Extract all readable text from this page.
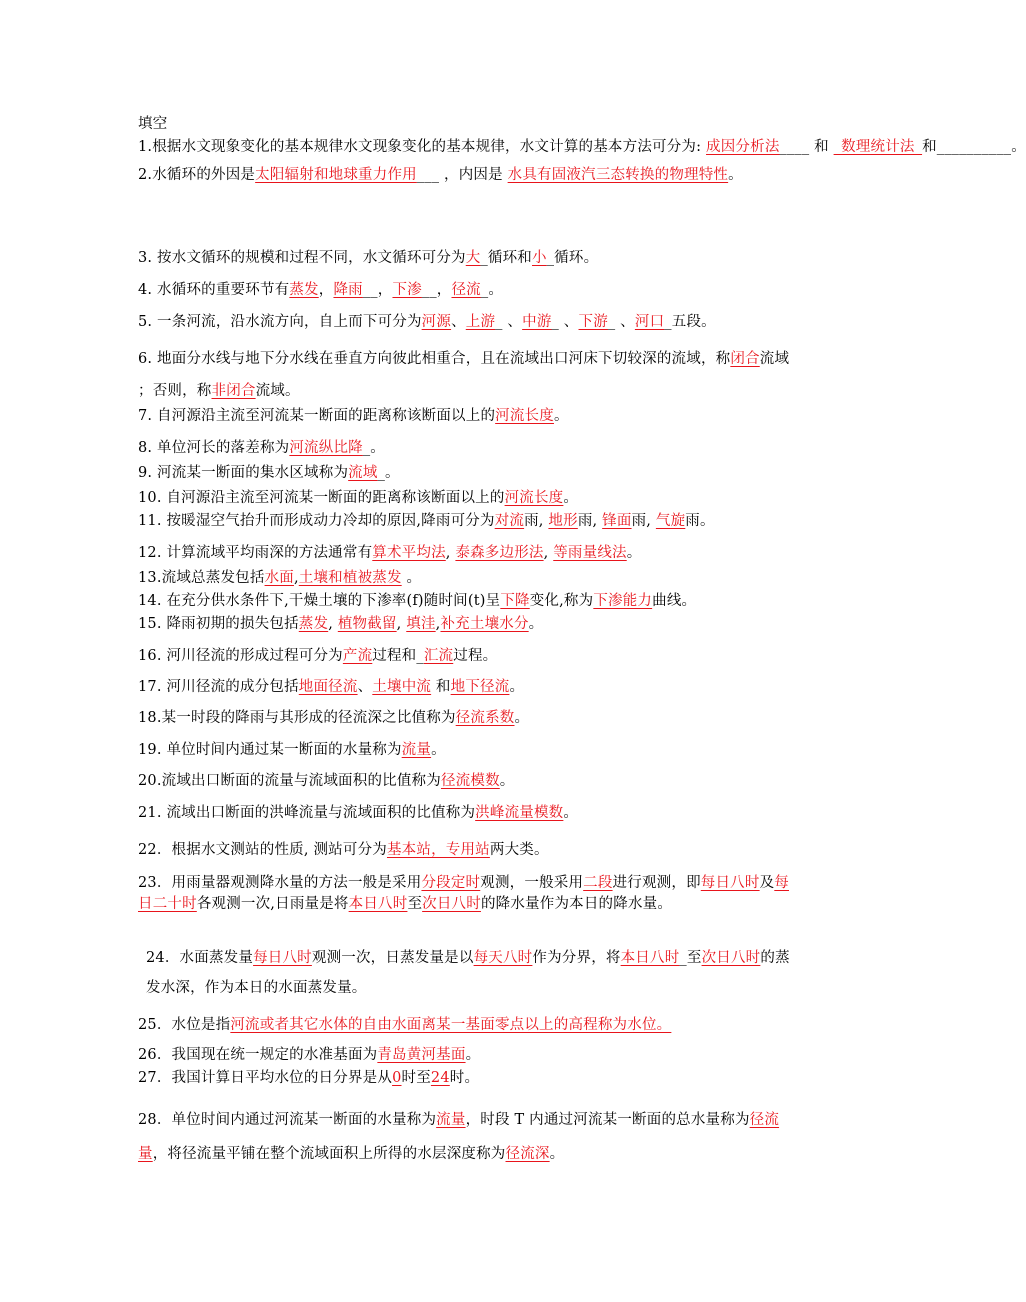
填空
1.根据水文现象变化的基本规律水文现象变化的基本规律，水文计算的基本方法可分为: 成因分析法____ 和 _数理统计法_和__________。
2.水循环的外因是太阳辐射和地球重力作用___ ，内因是 水具有固液汽三态转换的物理特性。
3. 按水文循环的规模和过程不同，水文循环可分为大_循环和小_循环。
4. 水循环的重要环节有蒸发，降雨__，下渗__，径流_。
5. 一条河流，沿水流方向，自上而下可分为河源、上游_ 、中游_ 、下游_ 、河口_五段。
6. 地面分水线与地下分水线在垂直方向彼此相重合，且在流域出口河床下切较深的流域，称闭合流域 ；否则，称非闭合流域。
7. 自河源沿主流至河流某一断面的距离称该断面以上的河流长度。
8. 单位河长的落差称为河流纵比降_。
9. 河流某一断面的集水区域称为流域_。
10. 自河源沿主流至河流某一断面的距离称该断面以上的河流长度。
11. 按暖湿空气抬升而形成动力冷却的原因,降雨可分为对流雨, 地形雨, 锋面雨, 气旋雨。
12. 计算流域平均雨深的方法通常有算术平均法, 泰森多边形法, 等雨量线法。
13.流域总蒸发包括水面,土壤和植被蒸发 。
14. 在充分供水条件下,干燥土壤的下渗率(f)随时间(t)呈下降变化,称为下渗能力曲线。
15. 降雨初期的损失包括蒸发, 植物截留, 填洼,补充土壤水分。
16. 河川径流的形成过程可分为产流过程和_汇流过程。
17. 河川径流的成分包括地面径流、土壤中流 和地下径流。
18.某一时段的降雨与其形成的径流深之比值称为径流系数。
19. 单位时间内通过某一断面的水量称为流量。
20.流域出口断面的流量与流域面积的比值称为径流模数。
21. 流域出口断面的洪峰流量与流域面积的比值称为洪峰流量模数。
22．根据水文测站的性质, 测站可分为基本站，专用站两大类。
23．用雨量器观测降水量的方法一般是采用分段定时观测，一般采用二段进行观测，即每日八时及每日二十时各观测一次,日雨量是将本日八时至次日八时的降水量作为本日的降水量。
24．水面蒸发量每日八时观测一次，日蒸发量是以每天八时作为分界，将本日八时_至次日八时的蒸发水深，作为本日的水面蒸发量。
25．水位是指河流或者其它水体的自由水面离某一基面零点以上的高程称为水位。
26．我国现在统一规定的水准基面为青岛黄河基面。
27．我国计算日平均水位的日分界是从0时至24时。
28．单位时间内通过河流某一断面的水量称为流量，时段 T 内通过河流某一断面的总水量称为径流量，将径流量平铺在整个流域面积上所得的水层深度称为径流深。
